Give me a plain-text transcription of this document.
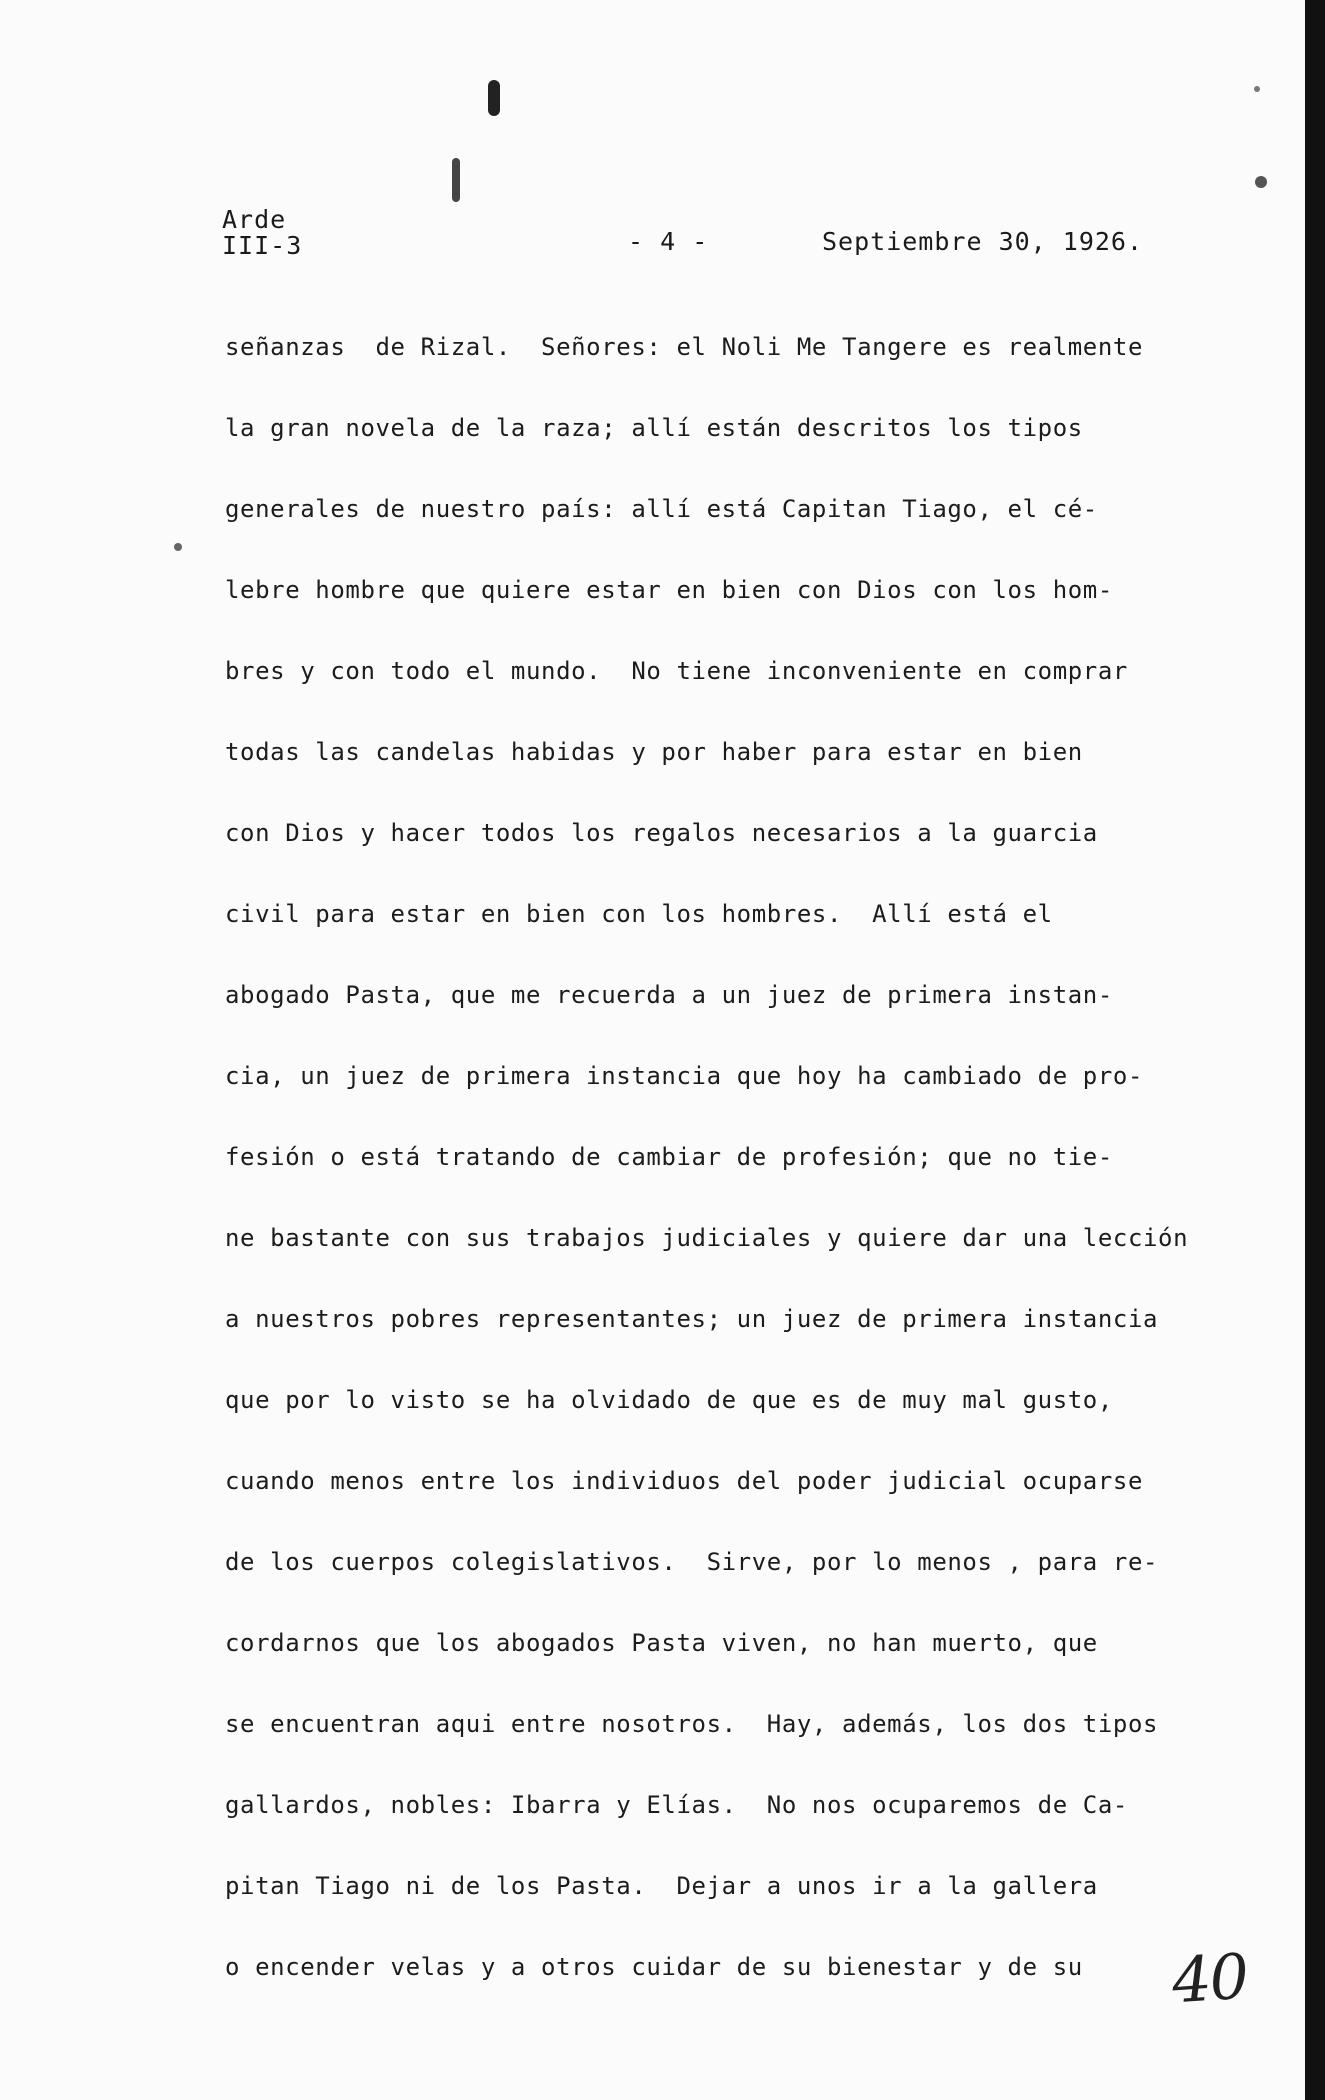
Arde
III-3	- 4 -	Septiembre 30, 1926.
señanzas  de Rizal.  Señores: el Noli Me Tangere es realmente
la gran novela de la raza; allí están descritos los tipos
generales de nuestro país: allí está Capitan Tiago, el cé-
lebre hombre que quiere estar en bien con Dios con los hom-
bres y con todo el mundo.  No tiene inconveniente en comprar
todas las candelas habidas y por haber para estar en bien
con Dios y hacer todos los regalos necesarios a la guarcia
civil para estar en bien con los hombres.  Allí está el
abogado Pasta, que me recuerda a un juez de primera instan-
cia, un juez de primera instancia que hoy ha cambiado de pro-
fesión o está tratando de cambiar de profesión; que no tie-
ne bastante con sus trabajos judiciales y quiere dar una lección
a nuestros pobres representantes; un juez de primera instancia
que por lo visto se ha olvidado de que es de muy mal gusto,
cuando menos entre los individuos del poder judicial ocuparse
de los cuerpos colegislativos.  Sirve, por lo menos , para re-
cordarnos que los abogados Pasta viven, no han muerto, que
se encuentran aqui entre nosotros.  Hay, además, los dos tipos
gallardos, nobles: Ibarra y Elías.  No nos ocuparemos de Ca-
pitan Tiago ni de los Pasta.  Dejar a unos ir a la gallera
o encender velas y a otros cuidar de su bienestar y de su	40
